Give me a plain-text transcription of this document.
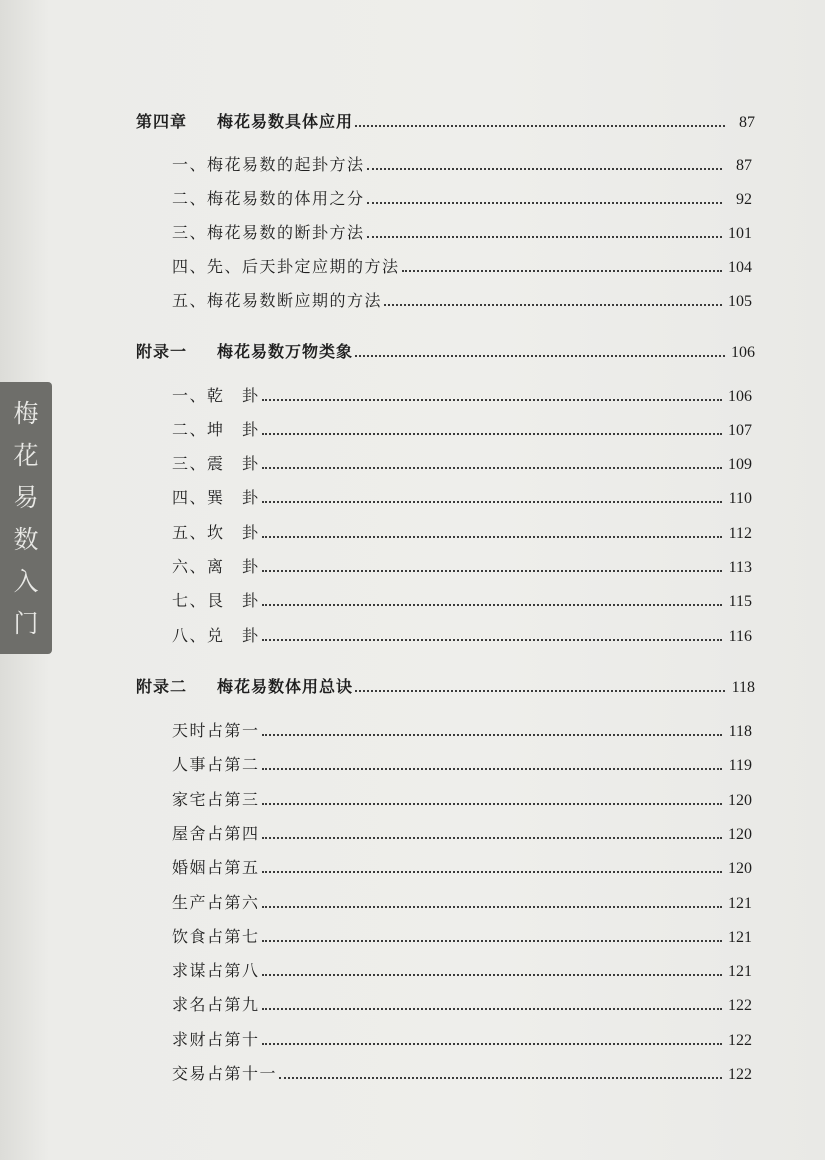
梅
花
易
数
入
门
第四章 梅花易数具体应用	87
一、梅花易数的起卦方法	87
二、梅花易数的体用之分	92
三、梅花易数的断卦方法	101
四、先、后天卦定应期的方法	104
五、梅花易数断应期的方法	105
附录一 梅花易数万物类象	106
一、乾　卦	106
二、坤　卦	107
三、震　卦	109
四、巽　卦	110
五、坎　卦	112
六、离　卦	113
七、艮　卦	115
八、兑　卦	116
附录二 梅花易数体用总诀	118
天时占第一	118
人事占第二	119
家宅占第三	120
屋舍占第四	120
婚姻占第五	120
生产占第六	121
饮食占第七	121
求谋占第八	121
求名占第九	122
求财占第十	122
交易占第十一	122
